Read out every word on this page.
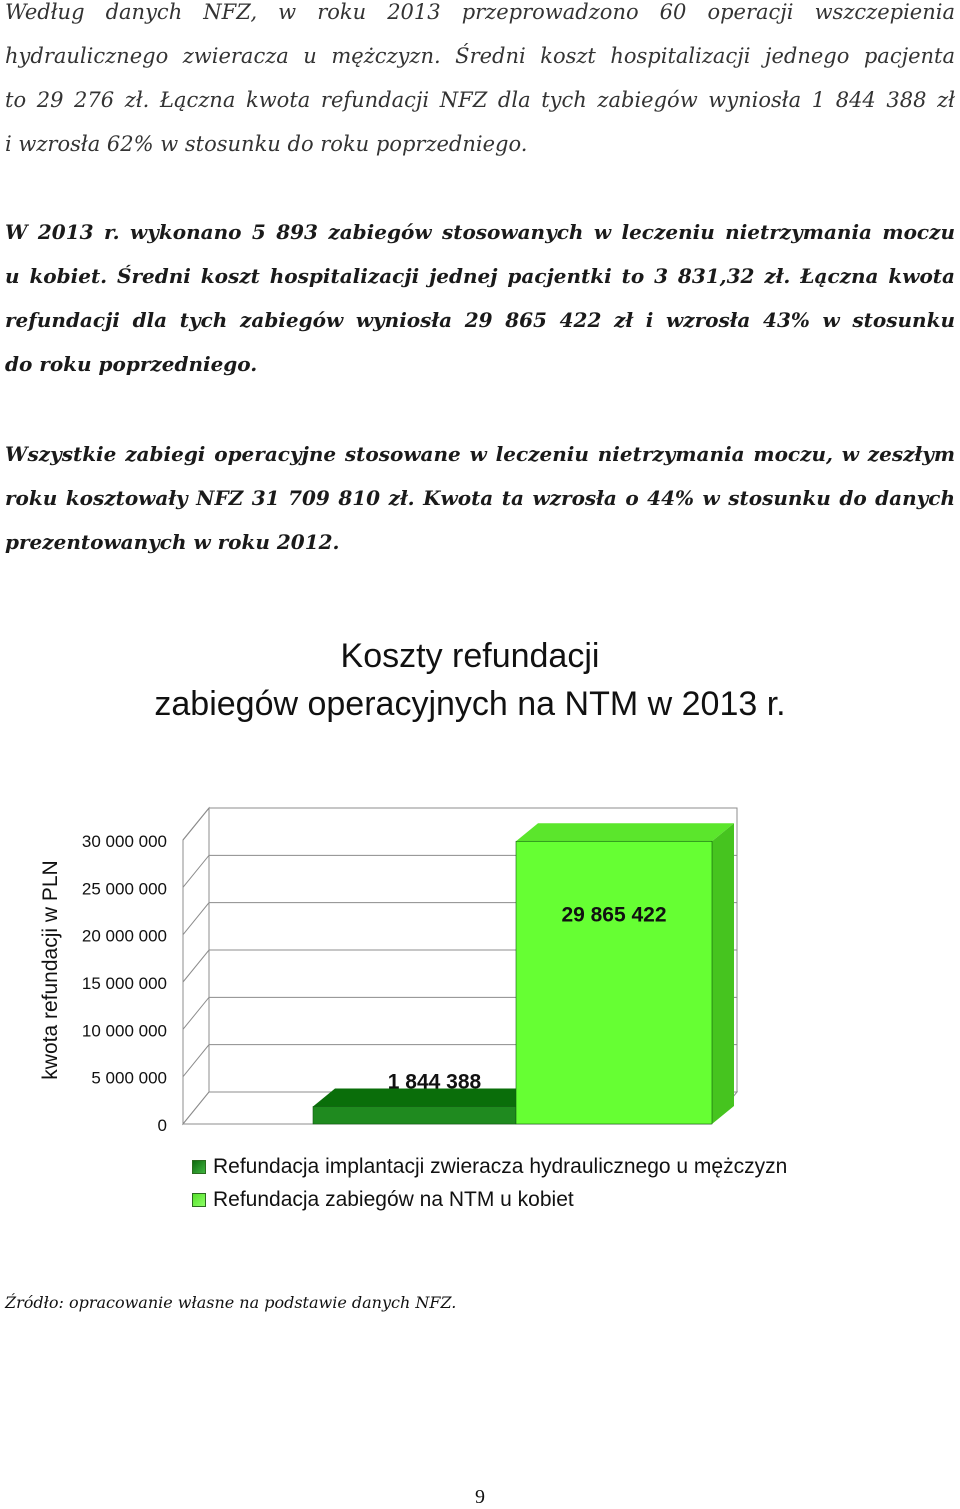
Według danych NFZ, w roku 2013 przeprowadzono 60 operacji wszczepienia
hydraulicznego zwieracza u mężczyzn. Średni koszt hospitalizacji jednego pacjenta
to 29 276 zł. Łączna kwota refundacji NFZ dla tych zabiegów wyniosła 1 844 388 zł
i wzrosła 62% w stosunku do roku poprzedniego.
W 2013 r. wykonano 5 893 zabiegów stosowanych w leczeniu nietrzymania moczu
u kobiet. Średni koszt hospitalizacji jednej pacjentki to 3 831,32 zł. Łączna kwota
refundacji dla tych zabiegów wyniosła 29 865 422 zł i wzrosła 43% w stosunku
do roku poprzedniego.
Wszystkie zabiegi operacyjne stosowane w leczeniu nietrzymania moczu, w zeszłym
roku kosztowały NFZ 31 709 810 zł. Kwota ta wzrosła o 44% w stosunku do danych
prezentowanych w roku 2012.
Koszty refundacji
zabiegów operacyjnych na NTM w 2013 r.
0
5 000 000
10 000 000
15 000 000
20 000 000
25 000 000
30 000 000
kwota refundacji w PLN
1 844 388
29 865 422
Refundacja implantacji zwieracza hydraulicznego u mężczyzn
Refundacja zabiegów na NTM u kobiet
Źródło: opracowanie własne na podstawie danych NFZ.
9
